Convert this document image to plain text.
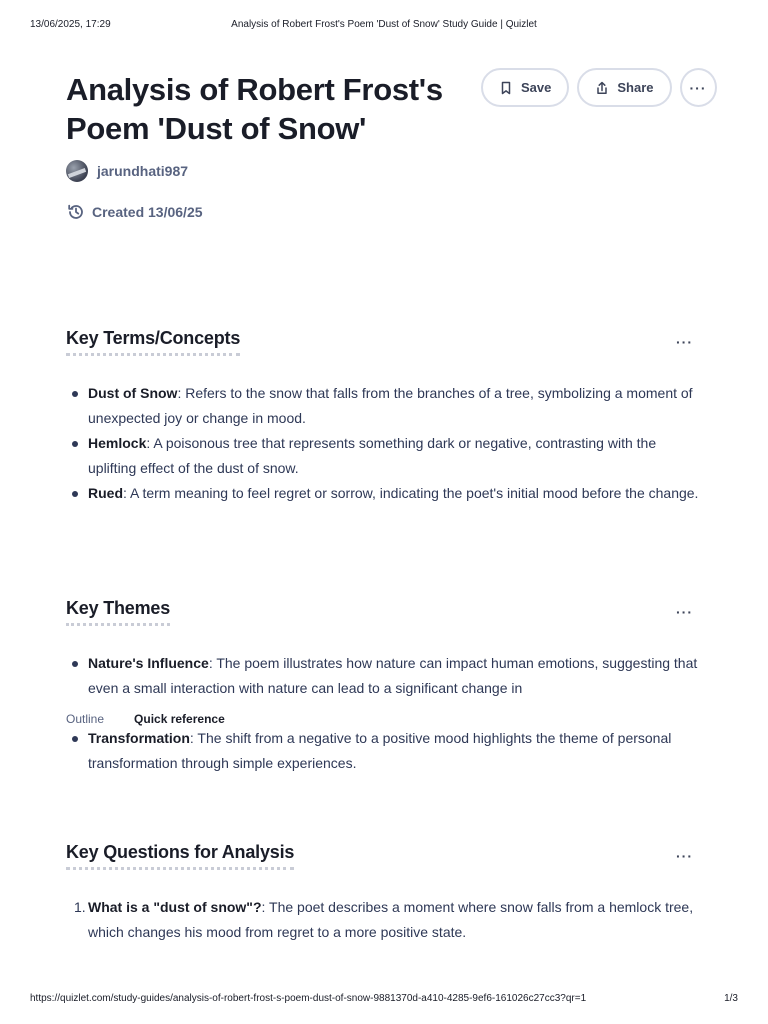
13/06/2025, 17:29	Analysis of Robert Frost's Poem 'Dust of Snow' Study Guide | Quizlet
Analysis of Robert Frost's Poem 'Dust of Snow'
Save	Share	···
jarundhati987
Created 13/06/25
Key Terms/Concepts	···
Dust of Snow: Refers to the snow that falls from the branches of a tree, symbolizing a moment of unexpected joy or change in mood.
Hemlock: A poisonous tree that represents something dark or negative, contrasting with the uplifting effect of the dust of snow.
Rued: A term meaning to feel regret or sorrow, indicating the poet's initial mood before the change.
Key Themes	···
Nature's Influence: The poem illustrates how nature can impact human emotions, suggesting that even a small interaction with nature can lead to a significant change in
Outline	Quick reference
Transformation: The shift from a negative to a positive mood highlights the theme of personal transformation through simple experiences.
Key Questions for Analysis	···
1. What is a "dust of snow"?: The poet describes a moment where snow falls from a hemlock tree, which changes his mood from regret to a more positive state.
https://quizlet.com/study-guides/analysis-of-robert-frost-s-poem-dust-of-snow-9881370d-a410-4285-9ef6-161026c27cc3?qr=1	1/3
